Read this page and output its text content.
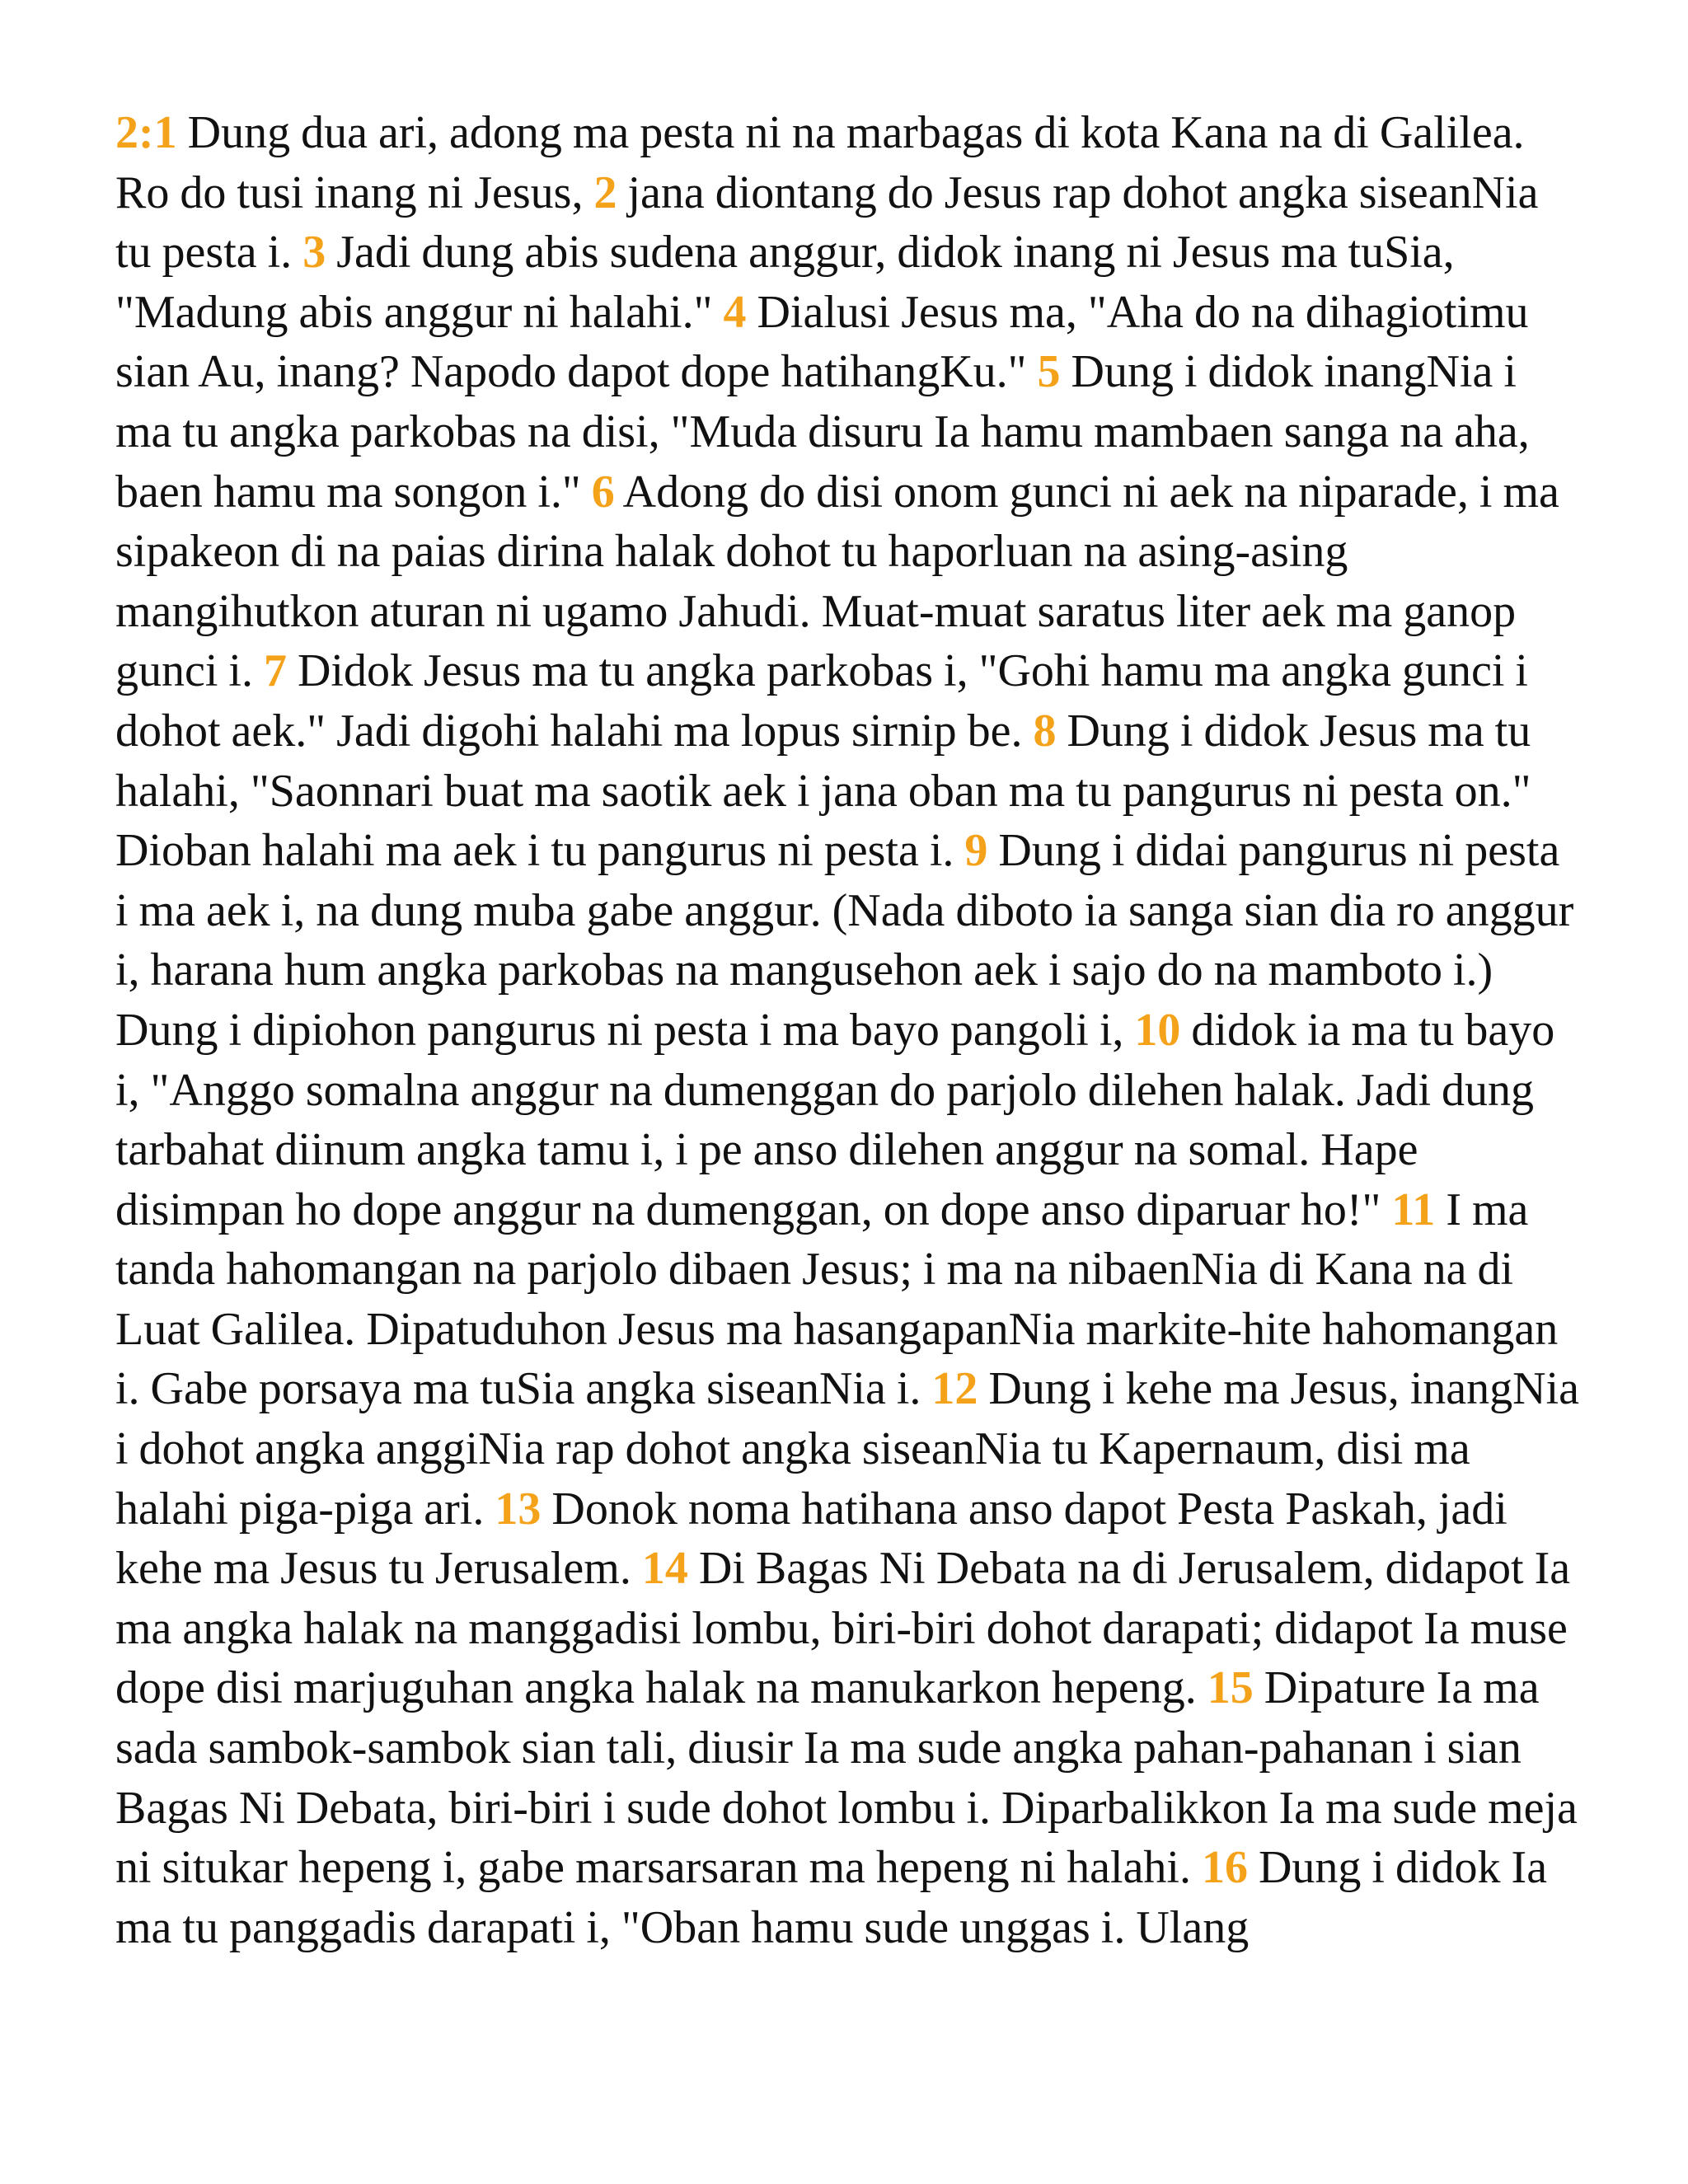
2:1 Dung dua ari, adong ma pesta ni na marbagas di kota Kana na di Galilea. Ro do tusi inang ni Jesus, 2 jana diontang do Jesus rap dohot angka siseanNia tu pesta i. 3 Jadi dung abis sudena anggur, didok inang ni Jesus ma tuSia, "Madung abis anggur ni halahi." 4 Dialusi Jesus ma, "Aha do na dihagiotimu sian Au, inang? Napodo dapot dope hatihangKu." 5 Dung i didok inangNia i ma tu angka parkobas na disi, "Muda disuru Ia hamu mambaen sanga na aha, baen hamu ma songon i." 6 Adong do disi onom gunci ni aek na niparade, i ma sipakeon di na paias dirina halak dohot tu haporluan na asing-asing mangihutkon aturan ni ugamo Jahudi. Muat-muat saratus liter aek ma ganop gunci i. 7 Didok Jesus ma tu angka parkobas i, "Gohi hamu ma angka gunci i dohot aek." Jadi digohi halahi ma lopus sirnip be. 8 Dung i didok Jesus ma tu halahi, "Saonnari buat ma saotik aek i jana oban ma tu pangurus ni pesta on." Dioban halahi ma aek i tu pangurus ni pesta i. 9 Dung i didai pangurus ni pesta i ma aek i, na dung muba gabe anggur. (Nada diboto ia sanga sian dia ro anggur i, harana hum angka parkobas na mangusehon aek i sajo do na mamboto i.) Dung i dipiohon pangurus ni pesta i ma bayo pangoli i, 10 didok ia ma tu bayo i, "Anggo somalna anggur na dumenggan do parjolo dilehen halak. Jadi dung tarbahat diinum angka tamu i, i pe anso dilehen anggur na somal. Hape disimpan ho dope anggur na dumenggan, on dope anso diparuar ho!" 11 I ma tanda hahomangan na parjolo dibaen Jesus; i ma na nibaenNia di Kana na di Luat Galilea. Dipatuduhon Jesus ma hasangapanNia markite-hite hahomangan i. Gabe porsaya ma tuSia angka siseanNia i. 12 Dung i kehe ma Jesus, inangNia i dohot angka anggiNia rap dohot angka siseanNia tu Kapernaum, disi ma halahi piga-piga ari. 13 Donok noma hatihana anso dapot Pesta Paskah, jadi kehe ma Jesus tu Jerusalem. 14 Di Bagas Ni Debata na di Jerusalem, didapot Ia ma angka halak na manggadisi lombu, biri-biri dohot darapati; didapot Ia muse dope disi marjuguhan angka halak na manukarkon hepeng. 15 Dipature Ia ma sada sambok-sambok sian tali, diusir Ia ma sude angka pahan-pahanan i sian Bagas Ni Debata, biri-biri i sude dohot lombu i. Diparbalikkon Ia ma sude meja ni situkar hepeng i, gabe marsarsaran ma hepeng ni halahi. 16 Dung i didok Ia ma tu panggadis darapati i, "Oban hamu sude unggas i. Ulang
